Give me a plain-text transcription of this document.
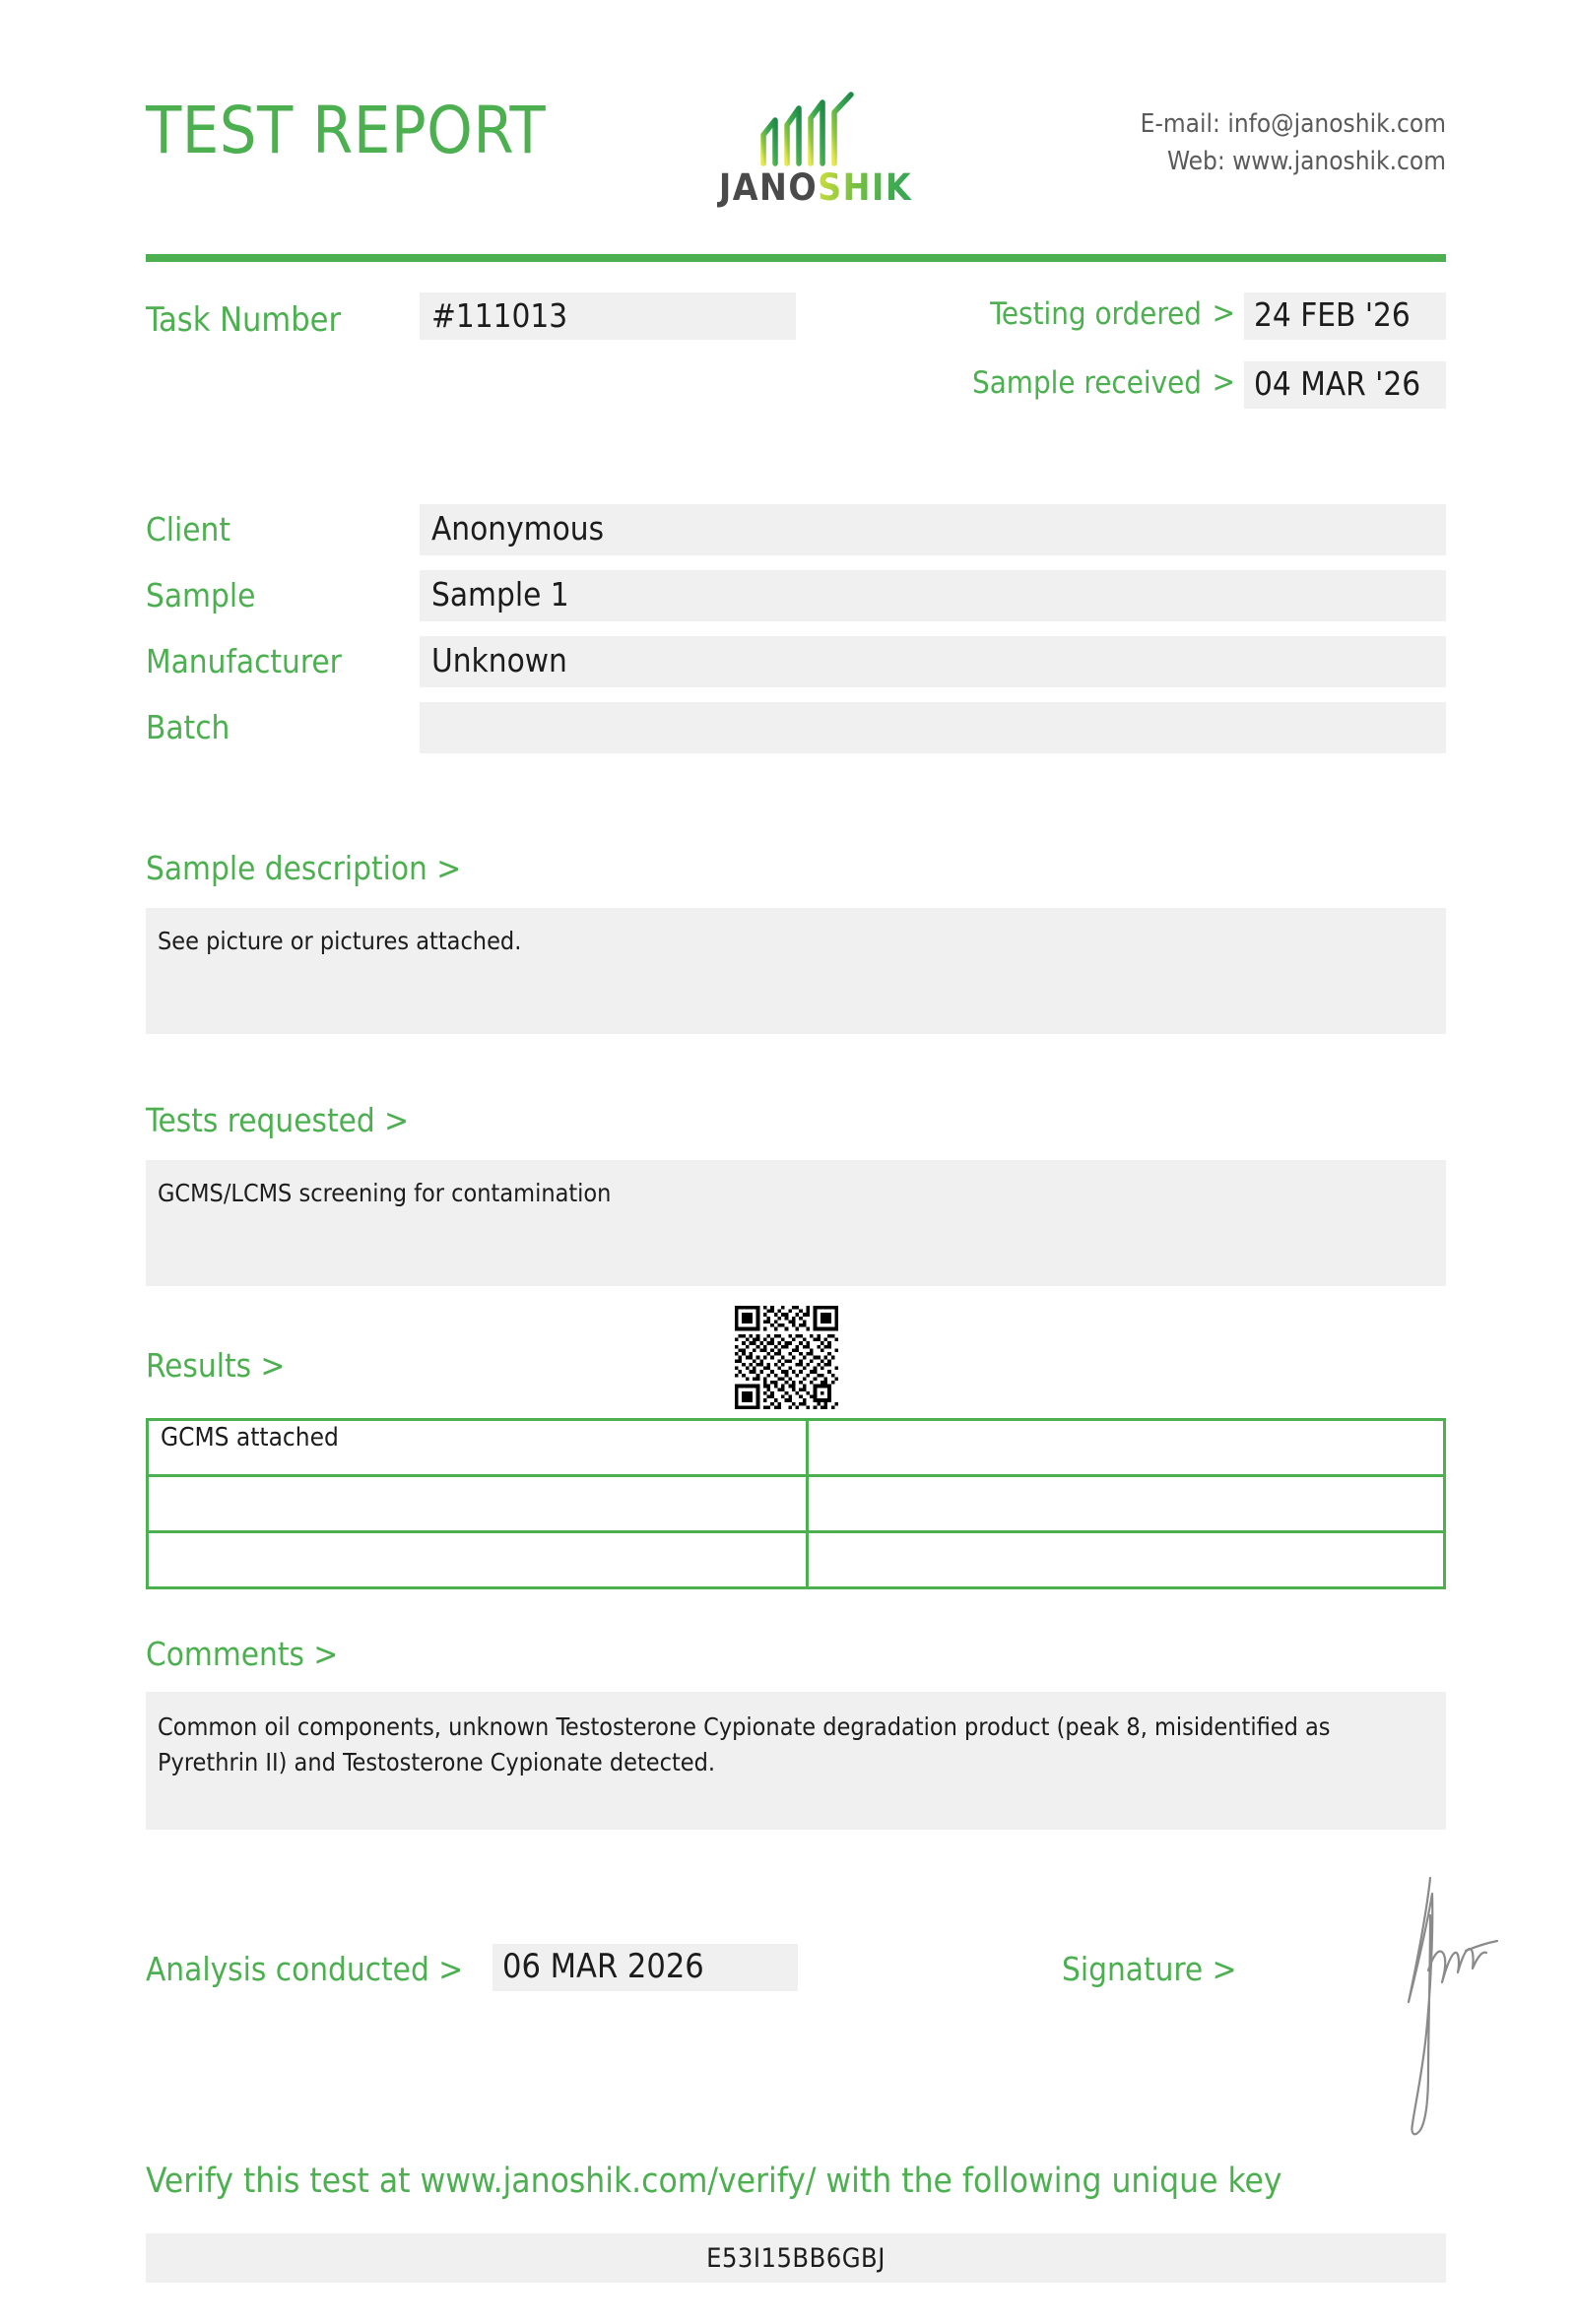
TEST REPORT
JANOSHIK
E-mail: info@janoshik.com
Web: www.janoshik.com
Task Number	#111013	Testing ordered > 24 FEB '26
Sample received > 04 MAR '26
Client	Anonymous
Sample	Sample 1
Manufacturer	Unknown
Batch
Sample description >
See picture or pictures attached.
Tests requested >
GCMS/LCMS screening for contamination
Results >
GCMS attached	

Comments >
Common oil components, unknown Testosterone Cypionate degradation product (peak 8, misidentified as Pyrethrin II) and Testosterone Cypionate detected.
Analysis conducted > 06 MAR 2026	Signature >
Verify this test at www.janoshik.com/verify/ with the following unique key
E53I15BB6GBJ
